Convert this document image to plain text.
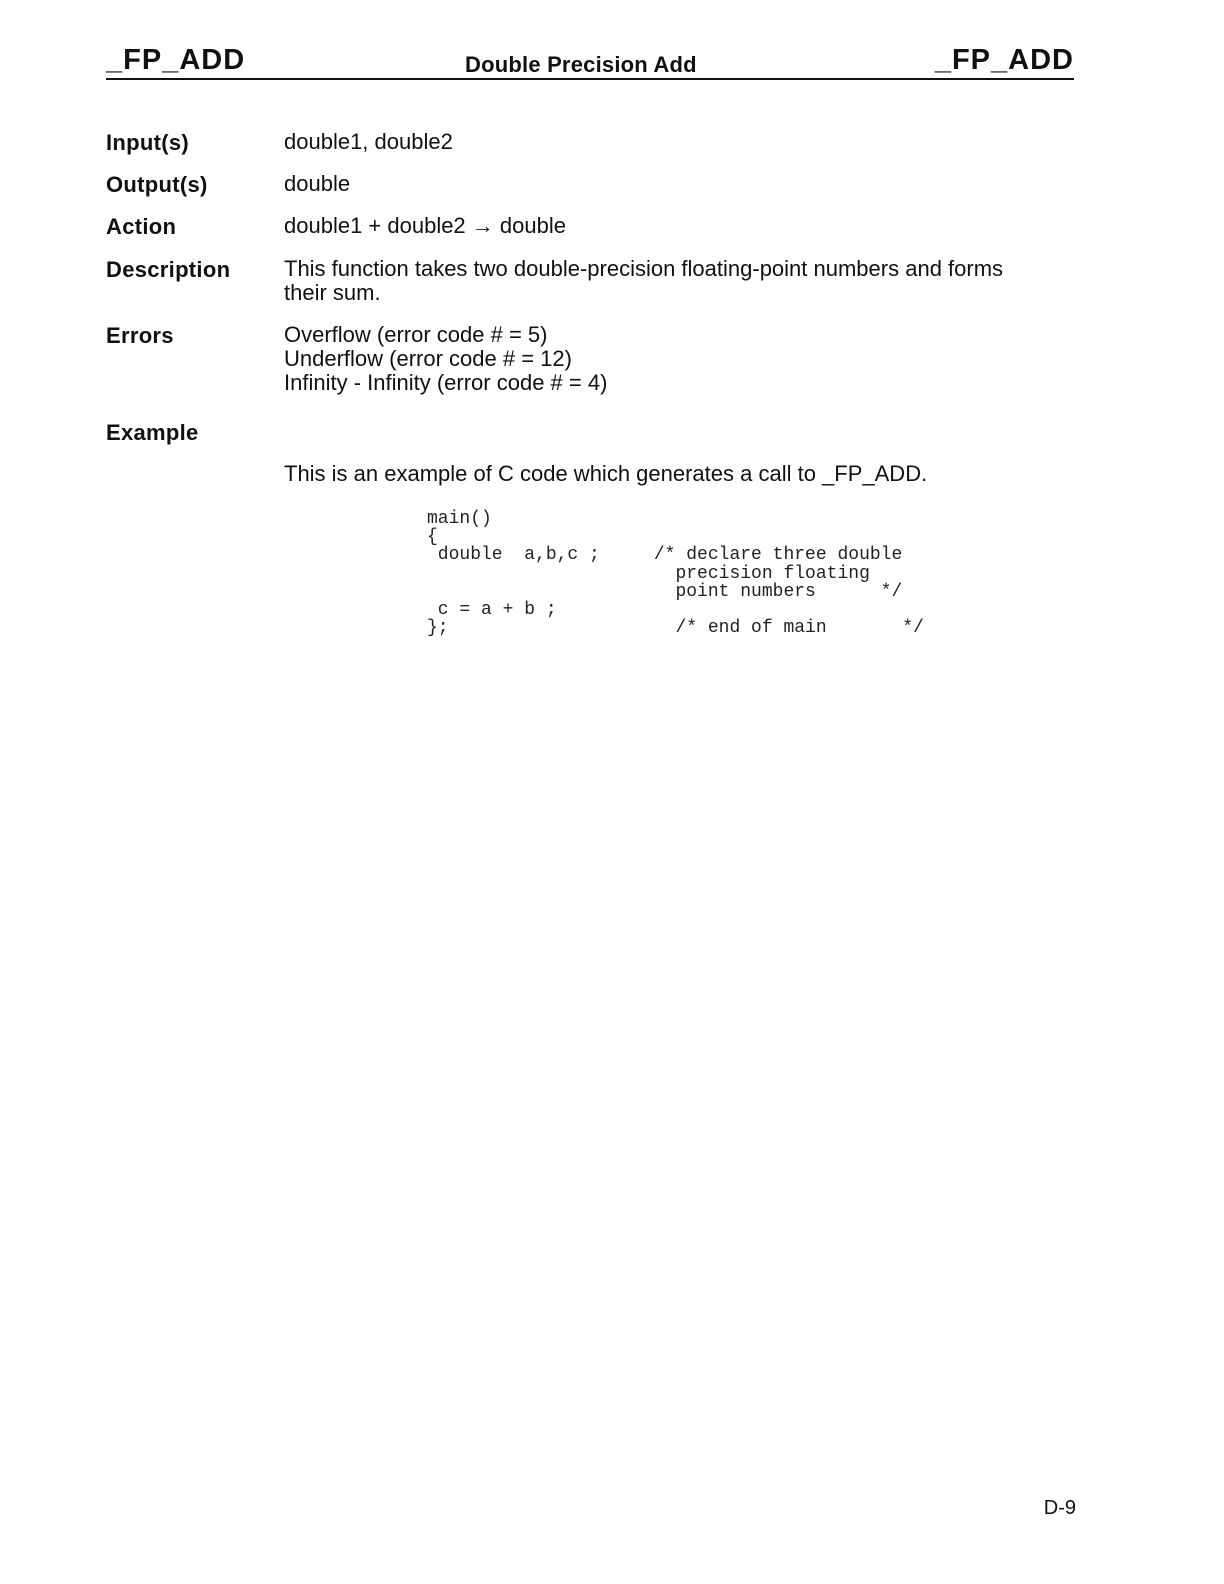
_FP_ADD	Double Precision Add	_FP_ADD
Input(s)	double1, double2
Output(s)	double
Action	double1 + double2 → double
Description This function takes two double-precision floating-point numbers and forms
their sum.
Errors	Overflow (error code # = 5)
Underflow (error code # = 12)
Infinity - Infinity (error code # = 4)
Example
This is an example of C code which generates a call to _FP_ADD.
main()
{
double  a,b,c ;     /* declare three double
precision floating
point numbers      */
c = a + b ;
};                     /* end of main       */
D-9
